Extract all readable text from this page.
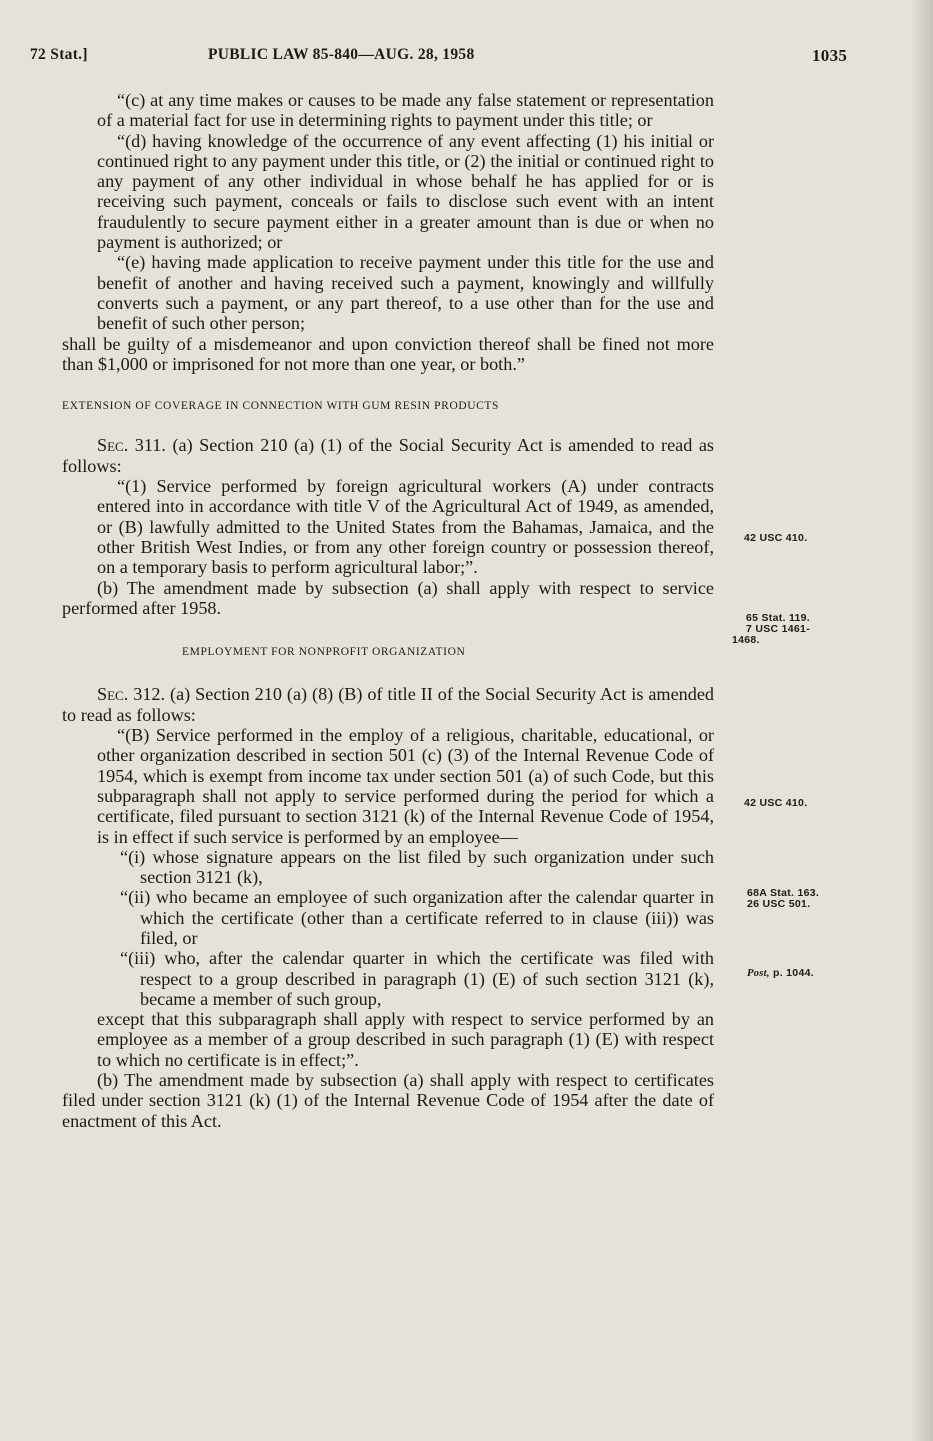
72 Stat.]	PUBLIC LAW 85-840—AUG. 28, 1958	1035

“(c) at any time makes or causes to be made any false statement or representation of a material fact for use in determining rights to payment under this title; or

“(d) having knowledge of the occurrence of any event affecting (1) his initial or continued right to any payment under this title, or (2) the initial or continued right to any payment of any other individual in whose behalf he has applied for or is receiving such payment, conceals or fails to disclose such event with an intent fraudulently to secure payment either in a greater amount than is due or when no payment is authorized; or

“(e) having made application to receive payment under this title for the use and benefit of another and having received such a payment, knowingly and willfully converts such a payment, or any part thereof, to a use other than for the use and benefit of such other person;

shall be guilty of a misdemeanor and upon conviction thereof shall be fined not more than $1,000 or imprisoned for not more than one year, or both.”

EXTENSION OF COVERAGE IN CONNECTION WITH GUM RESIN PRODUCTS

Sec. 311. (a) Section 210 (a) (1) of the Social Security Act is amended to read as follows:

“(1) Service performed by foreign agricultural workers (A) under contracts entered into in accordance with title V of the Agricultural Act of 1949, as amended, or (B) lawfully admitted to the United States from the Bahamas, Jamaica, and the other British West Indies, or from any other foreign country or possession thereof, on a temporary basis to perform agricultural labor;”.

(b) The amendment made by subsection (a) shall apply with respect to service performed after 1958.

EMPLOYMENT FOR NONPROFIT ORGANIZATION

Sec. 312. (a) Section 210 (a) (8) (B) of title II of the Social Security Act is amended to read as follows:

“(B) Service performed in the employ of a religious, charitable, educational, or other organization described in section 501 (c) (3) of the Internal Revenue Code of 1954, which is exempt from income tax under section 501 (a) of such Code, but this subparagraph shall not apply to service performed during the period for which a certificate, filed pursuant to section 3121 (k) of the Internal Revenue Code of 1954, is in effect if such service is performed by an employee—

“(i) whose signature appears on the list filed by such organization under such section 3121 (k),

“(ii) who became an employee of such organization after the calendar quarter in which the certificate (other than a certificate referred to in clause (iii)) was filed, or

“(iii) who, after the calendar quarter in which the certificate was filed with respect to a group described in paragraph (1) (E) of such section 3121 (k), became a member of such group,

except that this subparagraph shall apply with respect to service performed by an employee as a member of a group described in such paragraph (1) (E) with respect to which no certificate is in effect;”.

(b) The amendment made by subsection (a) shall apply with respect to certificates filed under section 3121 (k) (1) of the Internal Revenue Code of 1954 after the date of enactment of this Act.

42 USC 410.
65 Stat. 119.
7 USC 1461-
1468.
42 USC 410.
68A Stat. 163.
26 USC 501.
Post, p. 1044.
